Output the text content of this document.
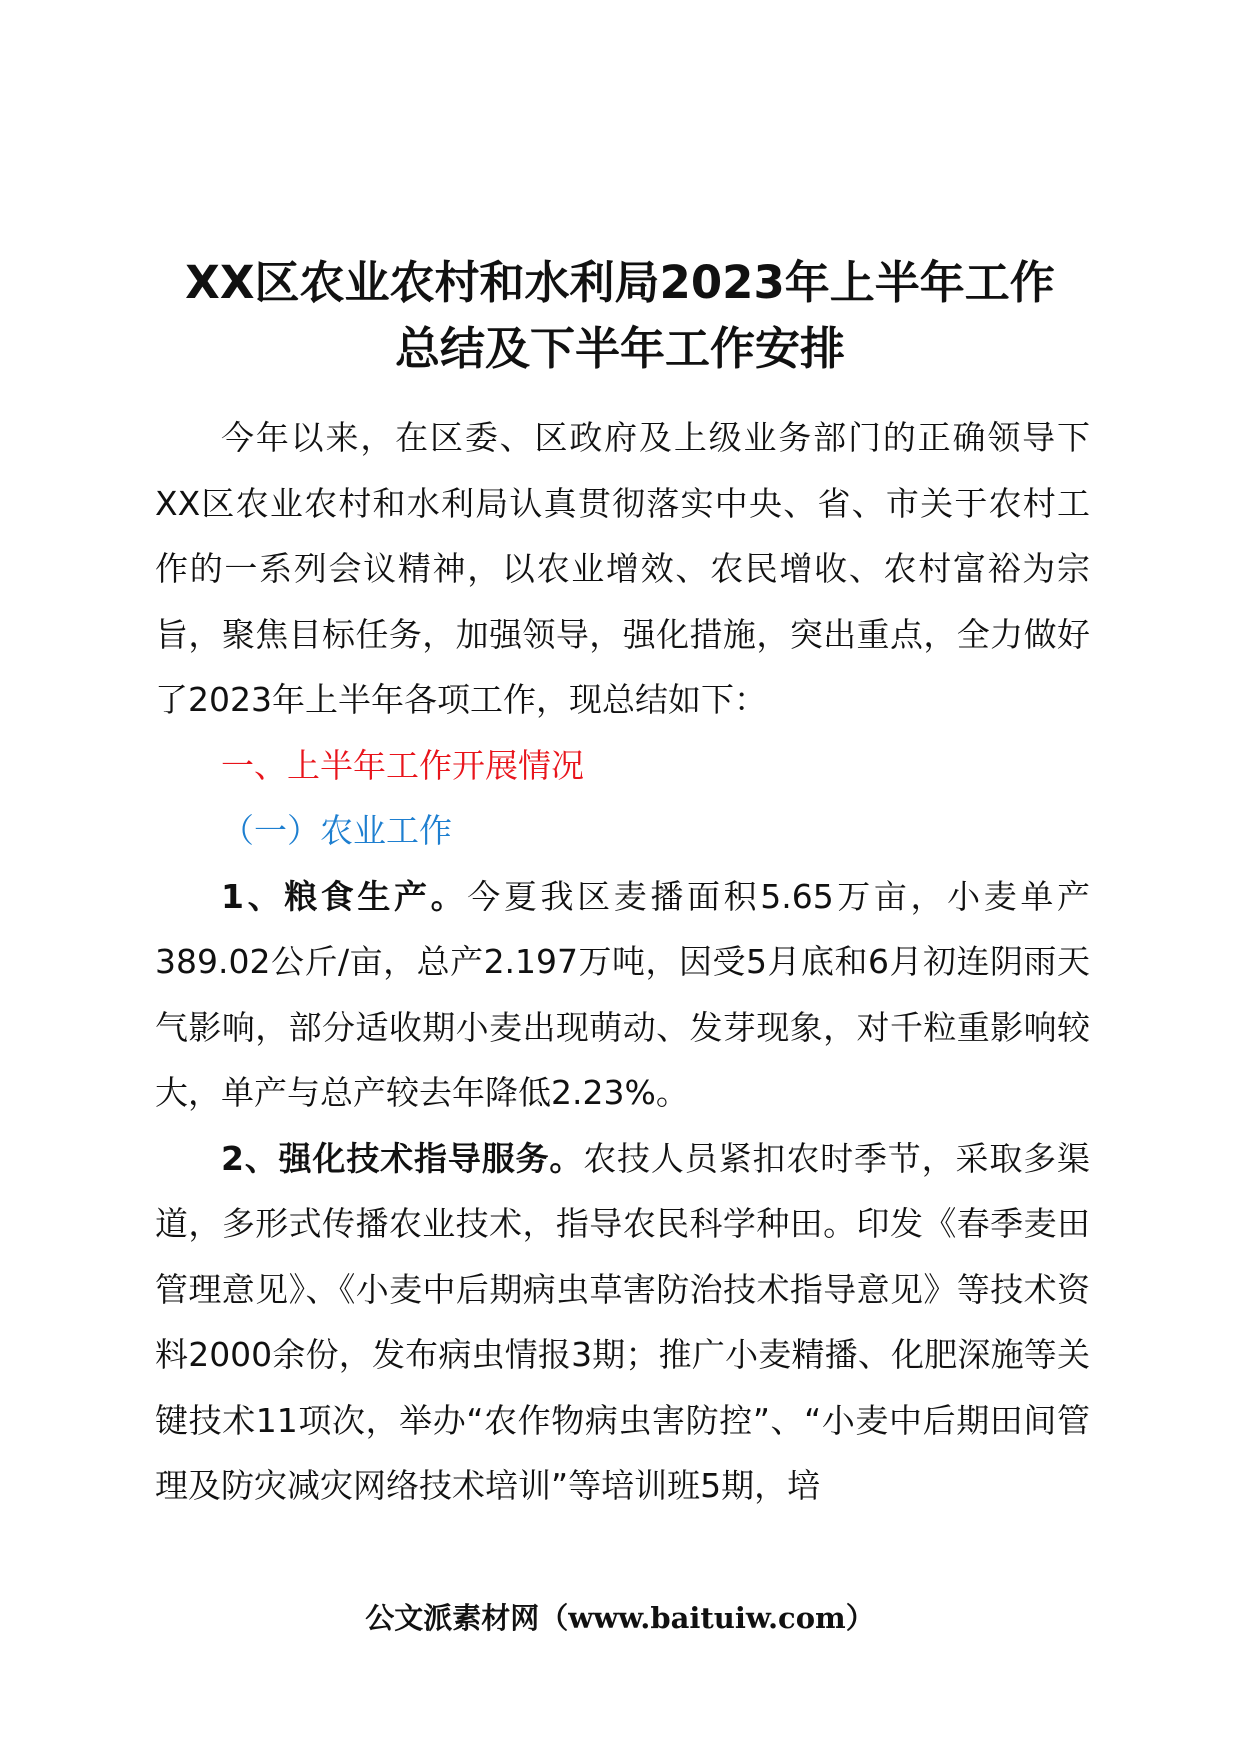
XX区农业农村和水利局2023年上半年工作
总结及下半年工作安排

今年以来，在区委、区政府及上级业务部门的正确领导下XX区农业农村和水利局认真贯彻落实中央、省、市关于农村工作的一系列会议精神，以农业增效、农民增收、农村富裕为宗旨，聚焦目标任务，加强领导，强化措施，突出重点，全力做好了2023年上半年各项工作，现总结如下：

一、上半年工作开展情况

（一）农业工作

1、粮食生产。今夏我区麦播面积5.65万亩，小麦单产389.02公斤/亩，总产2.197万吨，因受5月底和6月初连阴雨天气影响，部分适收期小麦出现萌动、发芽现象，对千粒重影响较大，单产与总产较去年降低2.23%。

2、强化技术指导服务。农技人员紧扣农时季节，采取多渠道，多形式传播农业技术，指导农民科学种田。印发《春季麦田管理意见》、《小麦中后期病虫草害防治技术指导意见》等技术资料2000余份，发布病虫情报3期；推广小麦精播、化肥深施等关键技术11项次，举办“农作物病虫害防控”、“小麦中后期田间管理及防灾减灾网络技术培训”等培训班5期，培

公文派素材网（www.baituiw.com）
